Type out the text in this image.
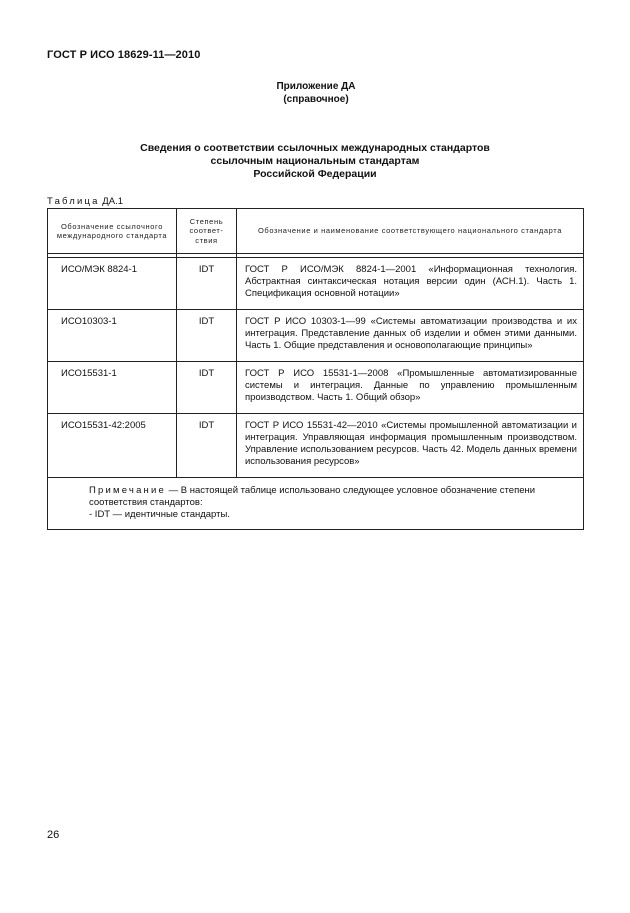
ГОСТ Р ИСО 18629-11—2010
Приложение ДА
(справочное)
Сведения о соответствии ссылочных международных стандартов
ссылочным национальным стандартам
Российской Федерации
Таблица ДА.1
Обозначение ссылочного международного стандарта	Степень соответ-ствия	Обозначение и наименование соответствующего национального стандарта

ИСО/МЭК 8824-1	IDT	ГОСТ Р ИСО/МЭК 8824-1—2001 «Информационная технология. Абстрактная синтаксическая нотация версии один (АСН.1). Часть 1. Спецификация основной нотации»
ИСО10303-1	IDT	ГОСТ Р ИСО 10303-1—99 «Системы автоматизации производства и их интеграция. Представление данных об изделии и обмен этими данными. Часть 1. Общие представления и основополагающие принципы»
ИСО15531-1	IDT	ГОСТ Р ИСО 15531-1—2008 «Промышленные автоматизированные системы и интеграция. Данные по управлению промышленным производством. Часть 1. Общий обзор»
ИСО15531-42:2005	IDT	ГОСТ Р ИСО 15531-42—2010 «Системы промышленной автоматизации и интеграция. Управляющая информация промышленным производством. Управление использованием ресурсов. Часть 42. Модель данных времени использования ресурсов»

Примечание — В настоящей таблице использовано следующее условное обозначение степени соответствия стандартов:
- IDT — идентичные стандарты.		
26
